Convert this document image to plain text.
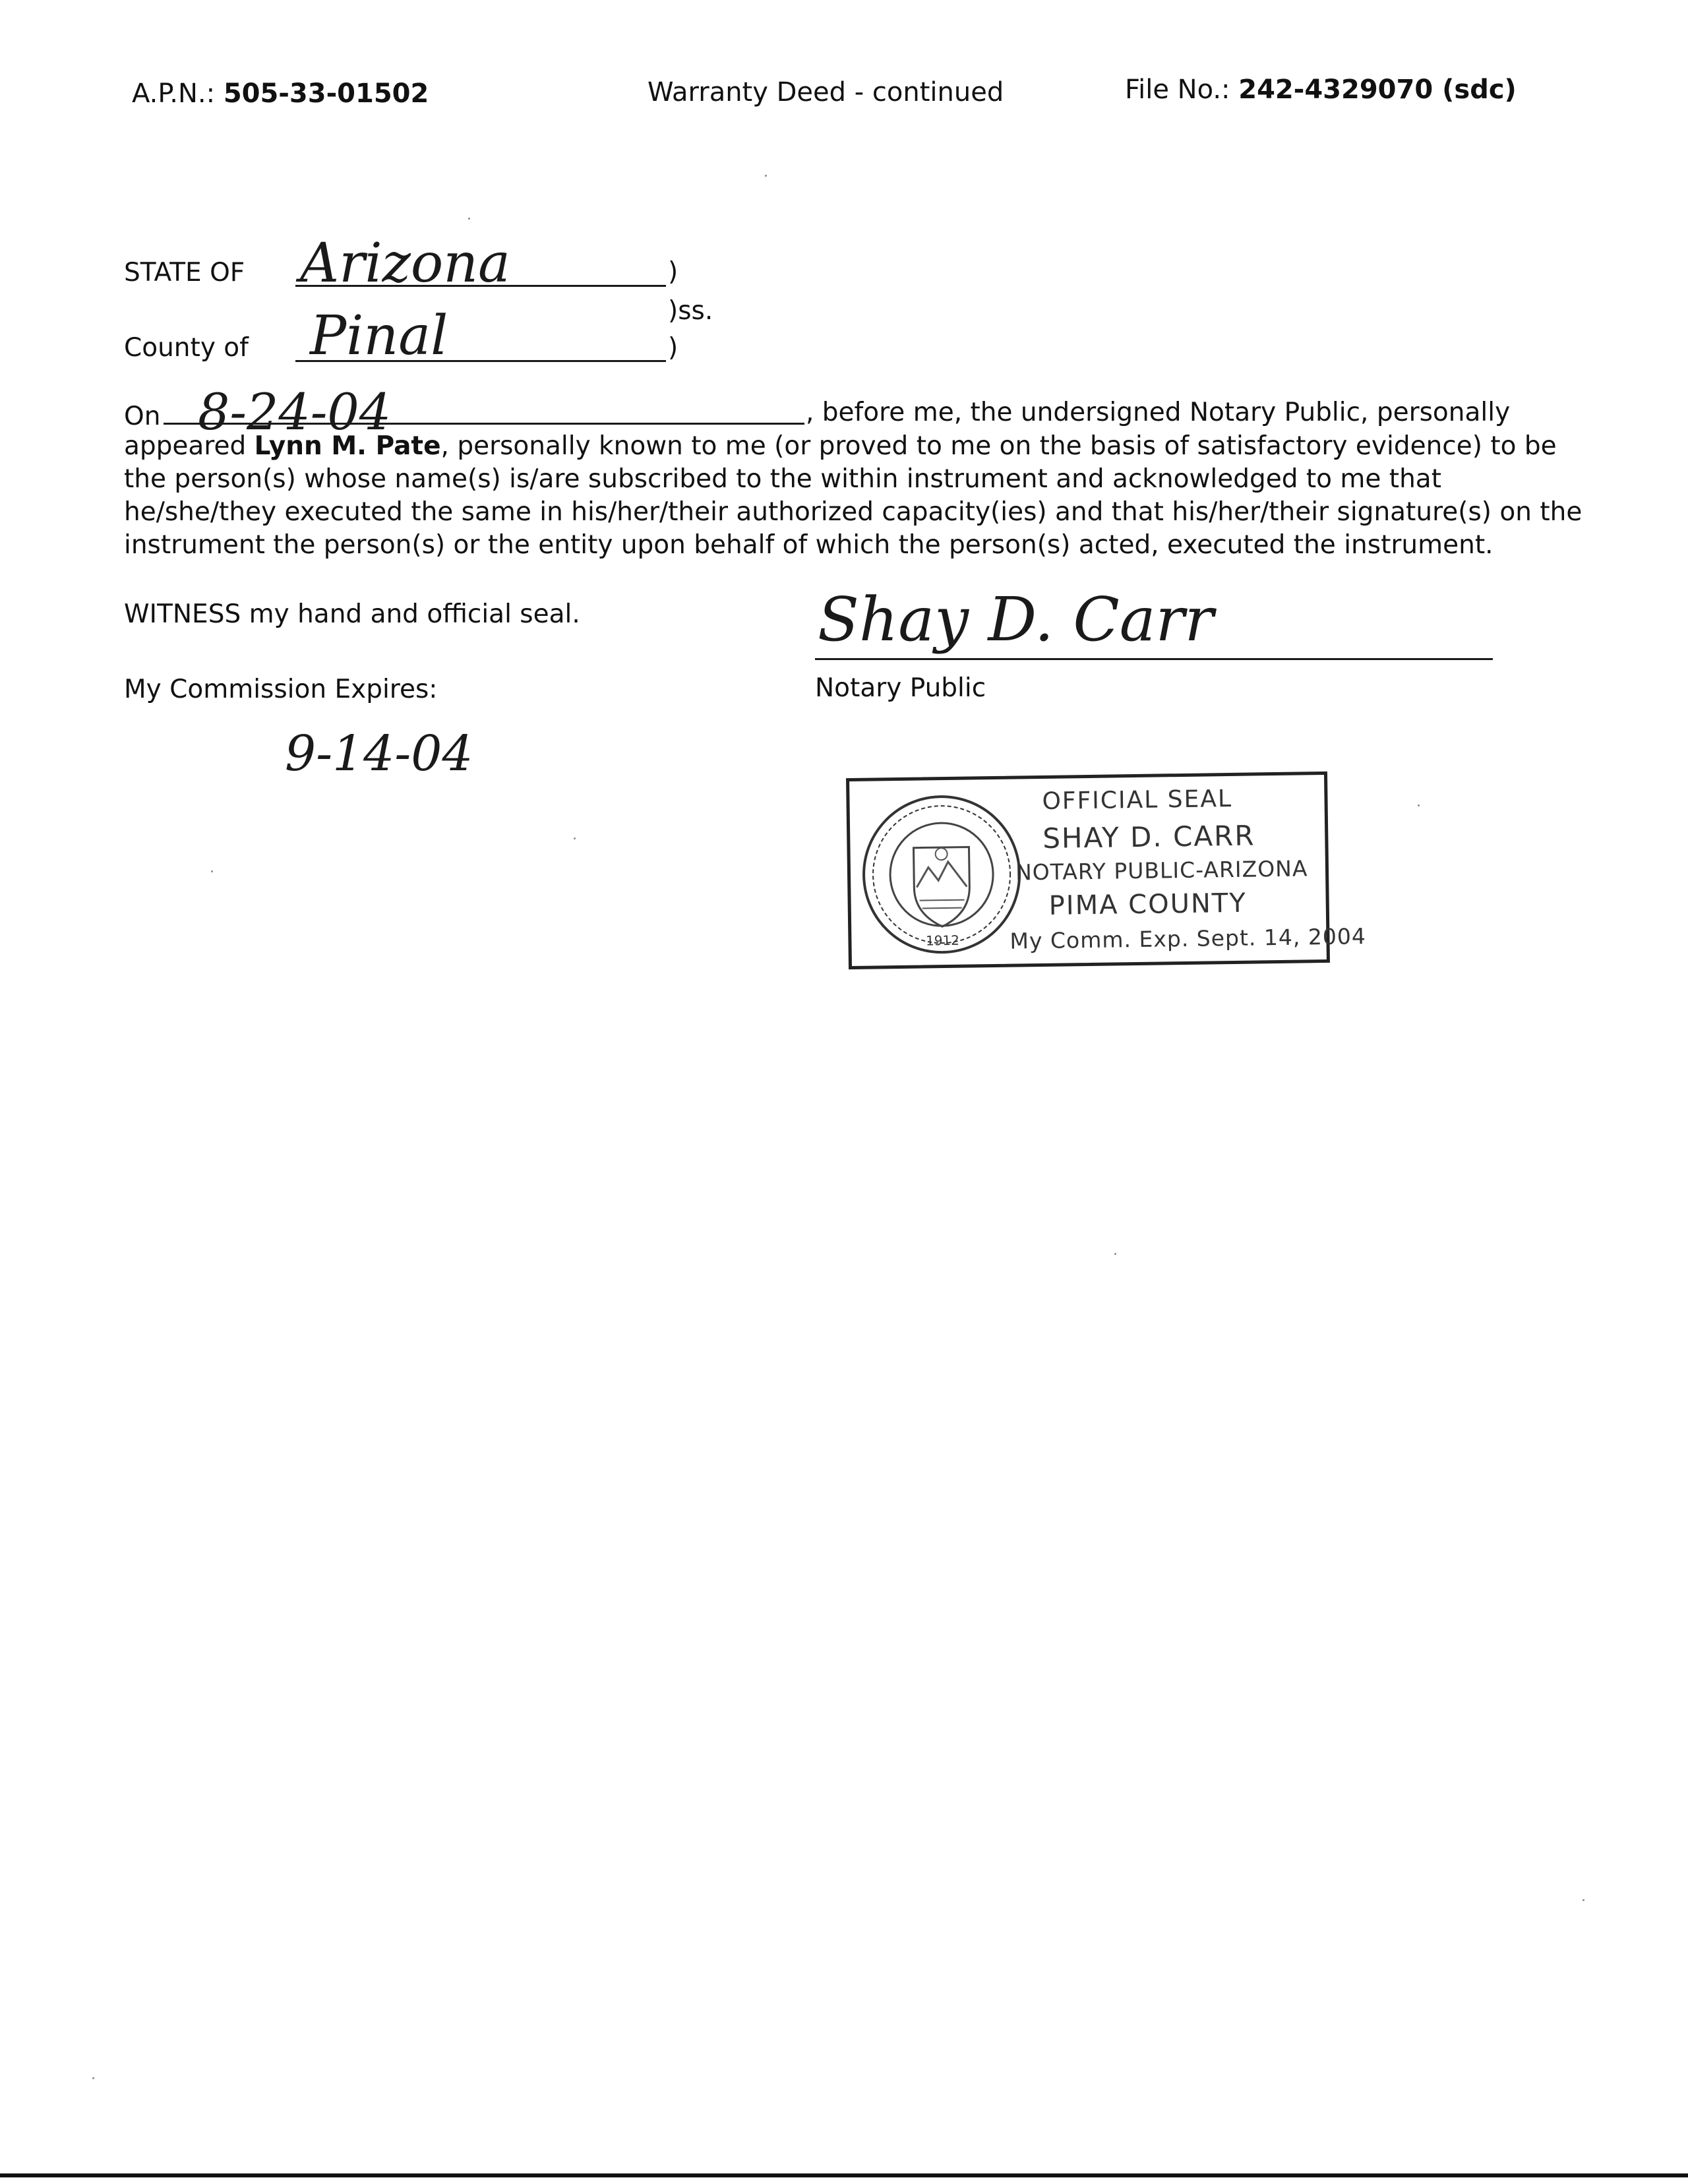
A.P.N.: 505-33-01502	Warranty Deed - continued	File No.: 242-4329070 (sdc)
STATE OF Arizona	)
)ss.
County of Pinal	)
On 8-24-04	, before me, the undersigned Notary Public, personally
appeared Lynn M. Pate, personally known to me (or proved to me on the basis of satisfactory evidence) to be
the person(s) whose name(s) is/are subscribed to the within instrument and acknowledged to me that
he/she/they executed the same in his/her/their authorized capacity(ies) and that his/her/their signature(s) on the
instrument the person(s) or the entity upon behalf of which the person(s) acted, executed the instrument.
WITNESS my hand and official seal.
My Commission Expires:
9-14-04
Shay D. Carr
Notary Public
1912
OFFICIAL SEAL
SHAY D. CARR
NOTARY PUBLIC-ARIZONA
PIMA COUNTY
My Comm. Exp. Sept. 14, 2004
